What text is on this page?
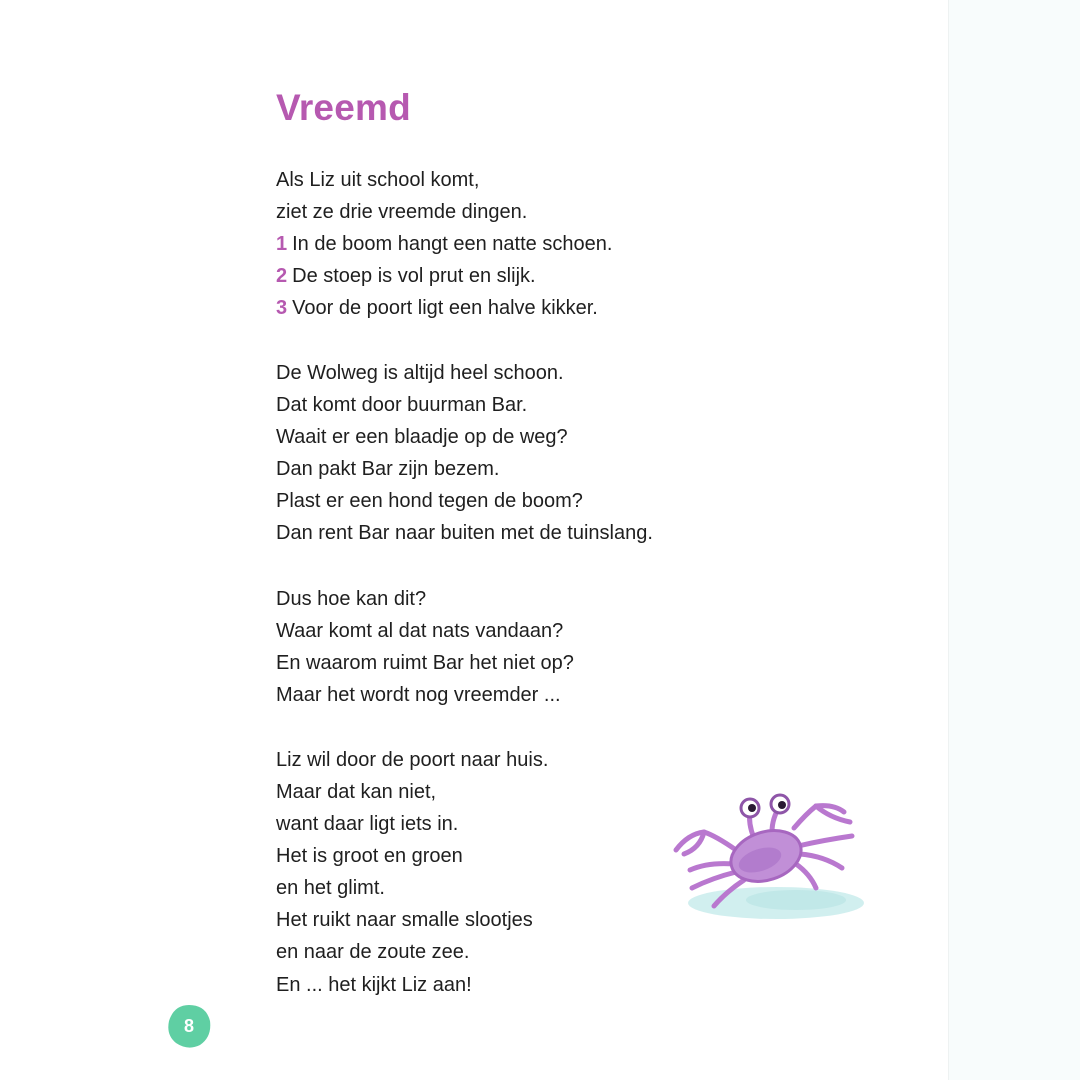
Vreemd
Als Liz uit school komt,
ziet ze drie vreemde dingen.
1 In de boom hangt een natte schoen.
2 De stoep is vol prut en slijk.
3 Voor de poort ligt een halve kikker.
De Wolweg is altijd heel schoon.
Dat komt door buurman Bar.
Waait er een blaadje op de weg?
Dan pakt Bar zijn bezem.
Plast er een hond tegen de boom?
Dan rent Bar naar buiten met de tuinslang.
Dus hoe kan dit?
Waar komt al dat nats vandaan?
En waarom ruimt Bar het niet op?
Maar het wordt nog vreemder ...
Liz wil door de poort naar huis.
Maar dat kan niet,
want daar ligt iets in.
Het is groot en groen
en het glimt.
Het ruikt naar smalle slootjes
en naar de zoute zee.
En ... het kijkt Liz aan!
8
